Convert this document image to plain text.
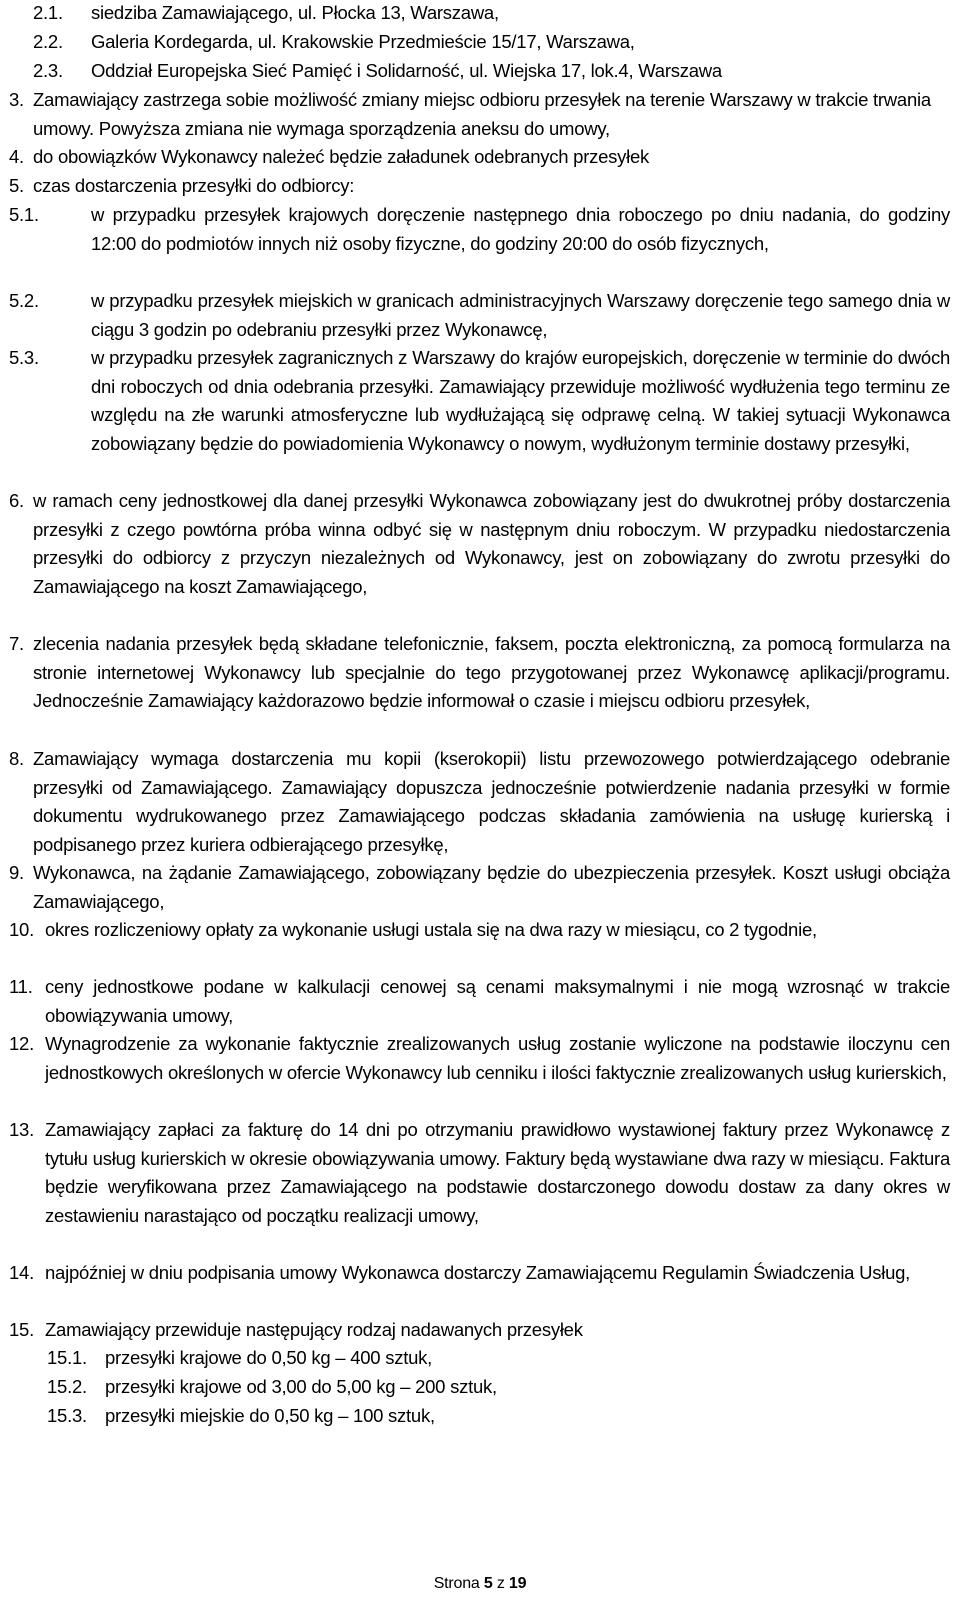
2.1. siedziba Zamawiającego, ul. Płocka 13, Warszawa,
2.2. Galeria Kordegarda, ul. Krakowskie Przedmieście 15/17, Warszawa,
2.3. Oddział Europejska Sieć Pamięć i Solidarność, ul. Wiejska 17, lok.4, Warszawa
3. Zamawiający zastrzega sobie możliwość zmiany miejsc odbioru przesyłek na terenie Warszawy w trakcie trwania umowy. Powyższa zmiana nie wymaga sporządzenia aneksu do umowy,
4. do obowiązków Wykonawcy należeć będzie załadunek odebranych przesyłek
5. czas dostarczenia przesyłki do odbiorcy:
5.1.	w przypadku przesyłek krajowych doręczenie następnego dnia roboczego po dniu nadania, do godziny 12:00 do podmiotów innych niż osoby fizyczne, do godziny 20:00 do osób fizycznych,
5.2.	w przypadku przesyłek miejskich w granicach administracyjnych Warszawy doręczenie tego samego dnia w ciągu 3 godzin po odebraniu przesyłki przez Wykonawcę,
5.3.	w przypadku przesyłek zagranicznych z Warszawy do krajów europejskich, doręczenie w terminie do dwóch dni roboczych od dnia odebrania przesyłki. Zamawiający przewiduje możliwość wydłużenia tego terminu ze względu na złe warunki atmosferyczne lub wydłużającą się odprawę celną. W takiej sytuacji Wykonawca zobowiązany będzie do powiadomienia Wykonawcy o nowym, wydłużonym terminie dostawy przesyłki,
6. w ramach ceny jednostkowej dla danej przesyłki Wykonawca zobowiązany jest do dwukrotnej próby dostarczenia przesyłki z czego powtórna próba winna odbyć się w następnym dniu roboczym. W przypadku niedostarczenia przesyłki do odbiorcy z przyczyn niezależnych od Wykonawcy, jest on zobowiązany do zwrotu przesyłki do Zamawiającego na koszt Zamawiającego,
7. zlecenia nadania przesyłek będą składane telefonicznie, faksem, poczta elektroniczną, za pomocą formularza na stronie internetowej Wykonawcy lub specjalnie do tego przygotowanej przez Wykonawcę aplikacji/programu. Jednocześnie Zamawiający każdorazowo będzie informował o czasie i miejscu odbioru przesyłek,
8. Zamawiający wymaga dostarczenia mu kopii (kserokopii) listu przewozowego potwierdzającego odebranie przesyłki od Zamawiającego. Zamawiający dopuszcza jednocześnie potwierdzenie nadania przesyłki w formie dokumentu wydrukowanego przez Zamawiającego podczas składania zamówienia na usługę kurierską i podpisanego przez kuriera odbierającego przesyłkę,
9. Wykonawca, na żądanie Zamawiającego, zobowiązany będzie do ubezpieczenia przesyłek. Koszt usługi obciąża Zamawiającego,
10. okres rozliczeniowy opłaty za wykonanie usługi ustala się na dwa razy w miesiącu, co 2 tygodnie,
11. ceny jednostkowe podane w kalkulacji cenowej są cenami maksymalnymi i nie mogą wzrosnąć w trakcie obowiązywania umowy,
12. Wynagrodzenie za wykonanie faktycznie zrealizowanych usług zostanie wyliczone na podstawie iloczynu cen jednostkowych określonych w ofercie Wykonawcy lub cenniku i ilości faktycznie zrealizowanych usług kurierskich,
13. Zamawiający zapłaci za fakturę do 14 dni po otrzymaniu prawidłowo wystawionej faktury przez Wykonawcę z tytułu usług kurierskich w okresie obowiązywania umowy. Faktury będą wystawiane dwa razy w miesiącu. Faktura będzie weryfikowana przez Zamawiającego na podstawie dostarczonego dowodu dostaw za dany okres w zestawieniu narastająco od początku realizacji umowy,
14. najpóźniej w dniu podpisania umowy Wykonawca dostarczy Zamawiającemu Regulamin Świadczenia Usług,
15. Zamawiający przewiduje następujący rodzaj nadawanych przesyłek
15.1. przesyłki krajowe do 0,50 kg – 400 sztuk,
15.2. przesyłki krajowe od 3,00 do 5,00 kg – 200 sztuk,
15.3. przesyłki miejskie do 0,50 kg – 100 sztuk,
Strona 5 z 19
